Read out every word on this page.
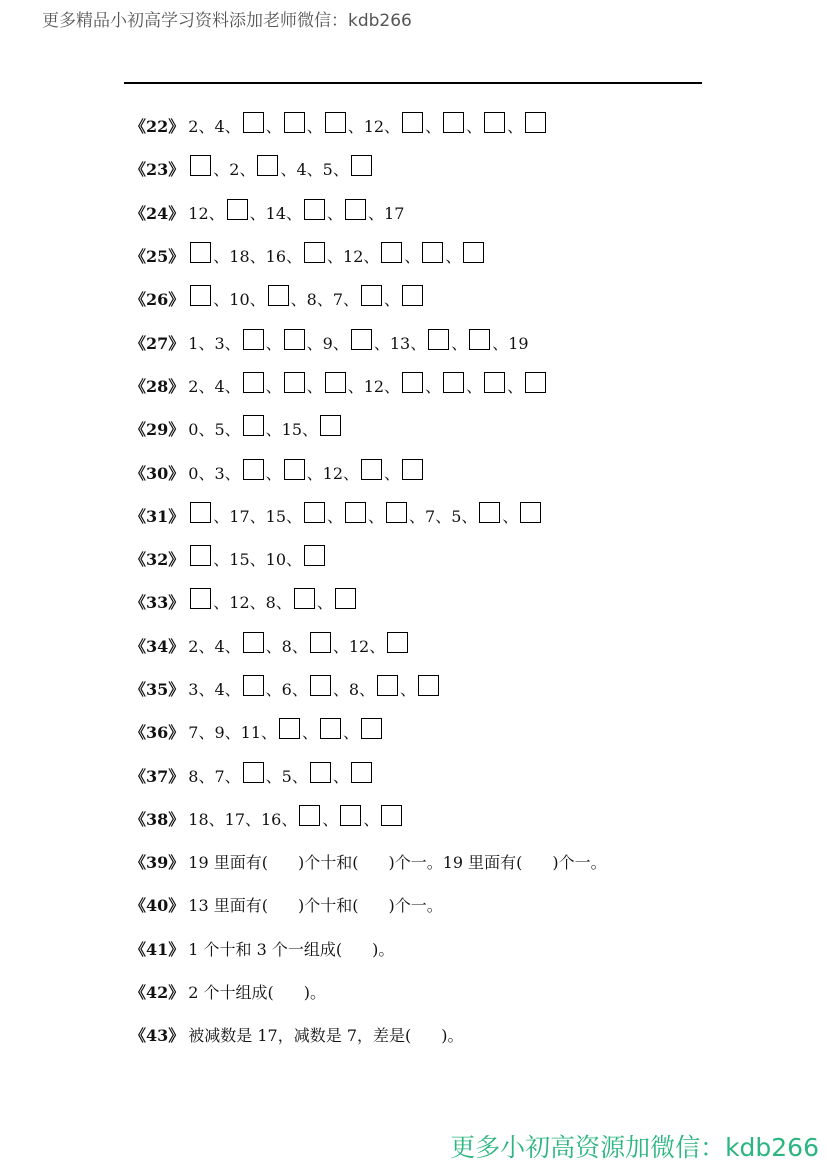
更多精品小初高学习资料添加老师微信：kdb266
《22》 2、4、 、 、 、12、 、 、 、
《23》 、2、 、4、5、
《24》 12、 、14、 、 、17
《25》 、18、16、 、12、 、 、
《26》 、10、 、8、7、 、
《27》 1、3、 、 、9、 、13、 、 、19
《28》 2、4、 、 、 、12、 、 、 、
《29》 0、5、 、15、
《30》 0、3、 、 、12、 、
《31》 、17、15、 、 、 、7、5、 、
《32》 、15、10、
《33》 、12、8、 、
《34》 2、4、 、8、 、12、
《35》 3、4、 、6、 、8、 、
《36》 7、9、11、 、 、
《37》 8、7、 、5、 、
《38》 18、17、16、 、 、
《39》 19 里面有( )个十和( )个一。19 里面有( )个一。
《40》 13 里面有( )个十和( )个一。
《41》 1 个十和 3 个一组成( )。
《42》 2 个十组成( )。
《43》 被减数是 17，减数是 7，差是( )。
更多小初高资源加微信：kdb266
